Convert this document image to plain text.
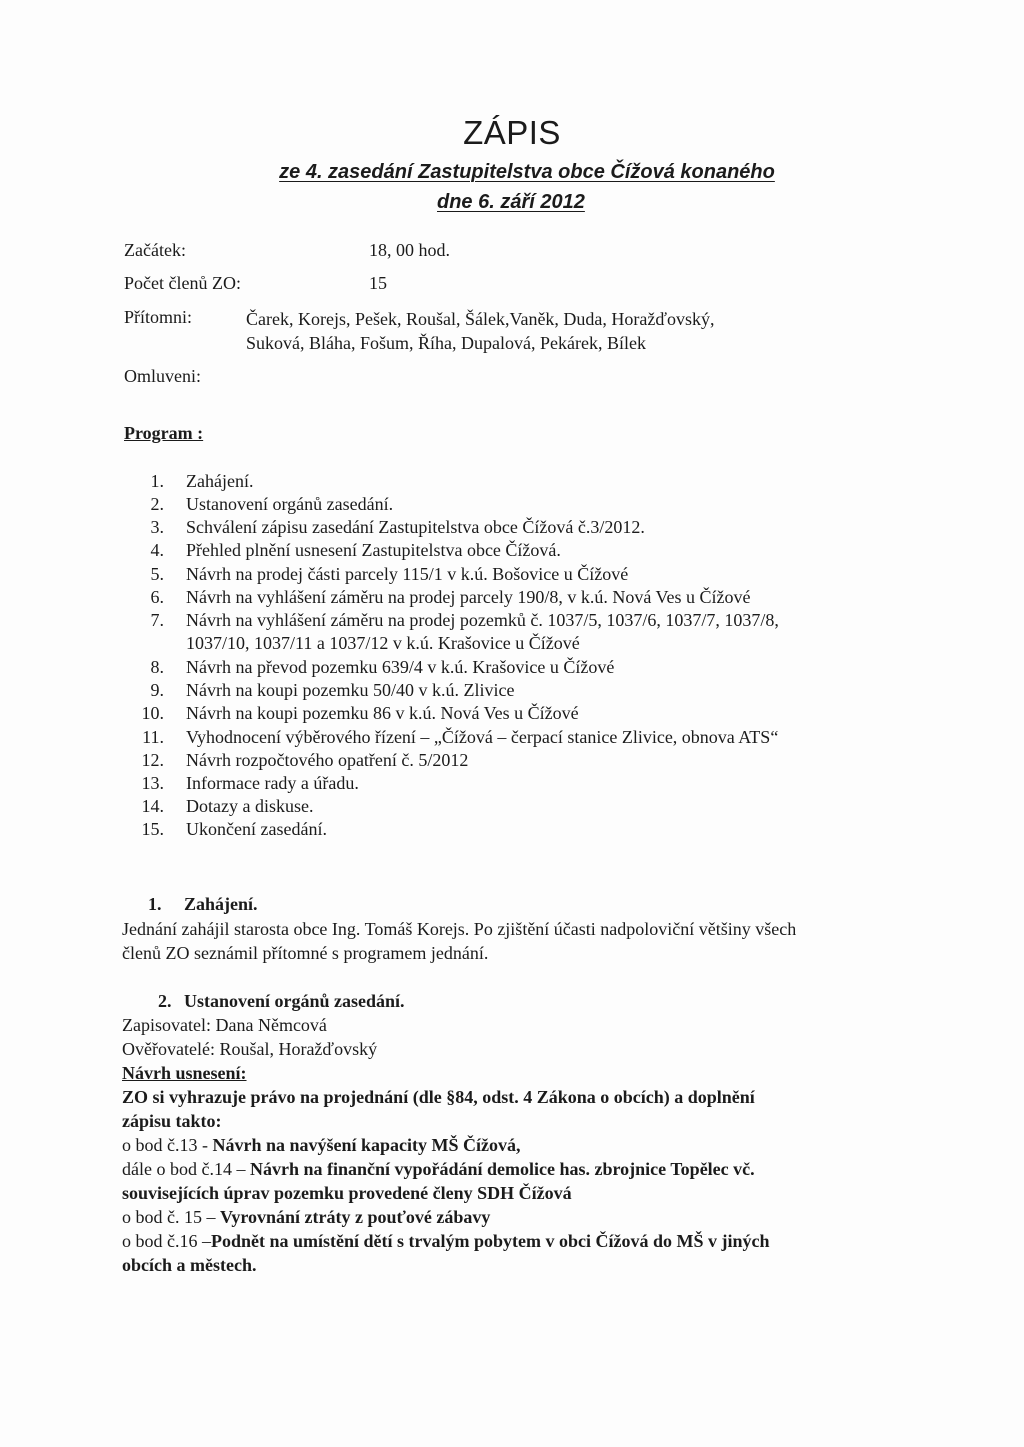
ZÁPIS
ze 4. zasedání Zastupitelstva obce Čížová konaného
dne 6. září 2012
Začátek:	18, 00 hod.
Počet členů ZO:	15
Přítomni:	Čarek, Korejs, Pešek, Roušal, Šálek,Vaněk, Duda, Horažďovský,
Suková, Bláha, Fošum, Říha, Dupalová, Pekárek, Bílek
Omluveni:
Program :
1. Zahájení.
2. Ustanovení orgánů zasedání.
3. Schválení zápisu zasedání Zastupitelstva obce Čížová č.3/2012.
4. Přehled plnění usnesení Zastupitelstva obce Čížová.
5. Návrh na prodej části parcely 115/1 v k.ú. Bošovice u Čížové
6. Návrh na vyhlášení záměru na prodej parcely 190/8, v k.ú. Nová Ves u Čížové
7. Návrh na vyhlášení záměru na prodej pozemků č. 1037/5, 1037/6, 1037/7, 1037/8,
1037/10, 1037/11 a 1037/12 v k.ú. Krašovice u Čížové
8. Návrh na převod pozemku 639/4 v k.ú. Krašovice u Čížové
9. Návrh na koupi pozemku 50/40 v k.ú. Zlivice
10. Návrh na koupi pozemku 86 v k.ú. Nová Ves u Čížové
11. Vyhodnocení výběrového řízení – „Čížová – čerpací stanice Zlivice, obnova ATS“
12. Návrh rozpočtového opatření č. 5/2012
13. Informace rady a úřadu.
14. Dotazy a diskuse.
15. Ukončení zasedání.
1. Zahájení.
Jednání zahájil starosta obce Ing. Tomáš Korejs. Po zjištění účasti nadpoloviční většiny všech
členů ZO seznámil přítomné s programem jednání.
2. Ustanovení orgánů zasedání.
Zapisovatel: Dana Němcová
Ověřovatelé: Roušal, Horažďovský
Návrh usnesení:
ZO si vyhrazuje právo na projednání (dle §84, odst. 4 Zákona o obcích) a doplnění
zápisu takto:
o bod č.13 - Návrh na navýšení kapacity MŠ Čížová,
dále o bod č.14 – Návrh na finanční vypořádání demolice has. zbrojnice Topělec vč.
souvisejících úprav pozemku provedené členy SDH Čížová
o bod č. 15 – Vyrovnání ztráty z pouťové zábavy
o bod č.16 –Podnět na umístění dětí s trvalým pobytem v obci Čížová do MŠ v jiných
obcích a městech.
